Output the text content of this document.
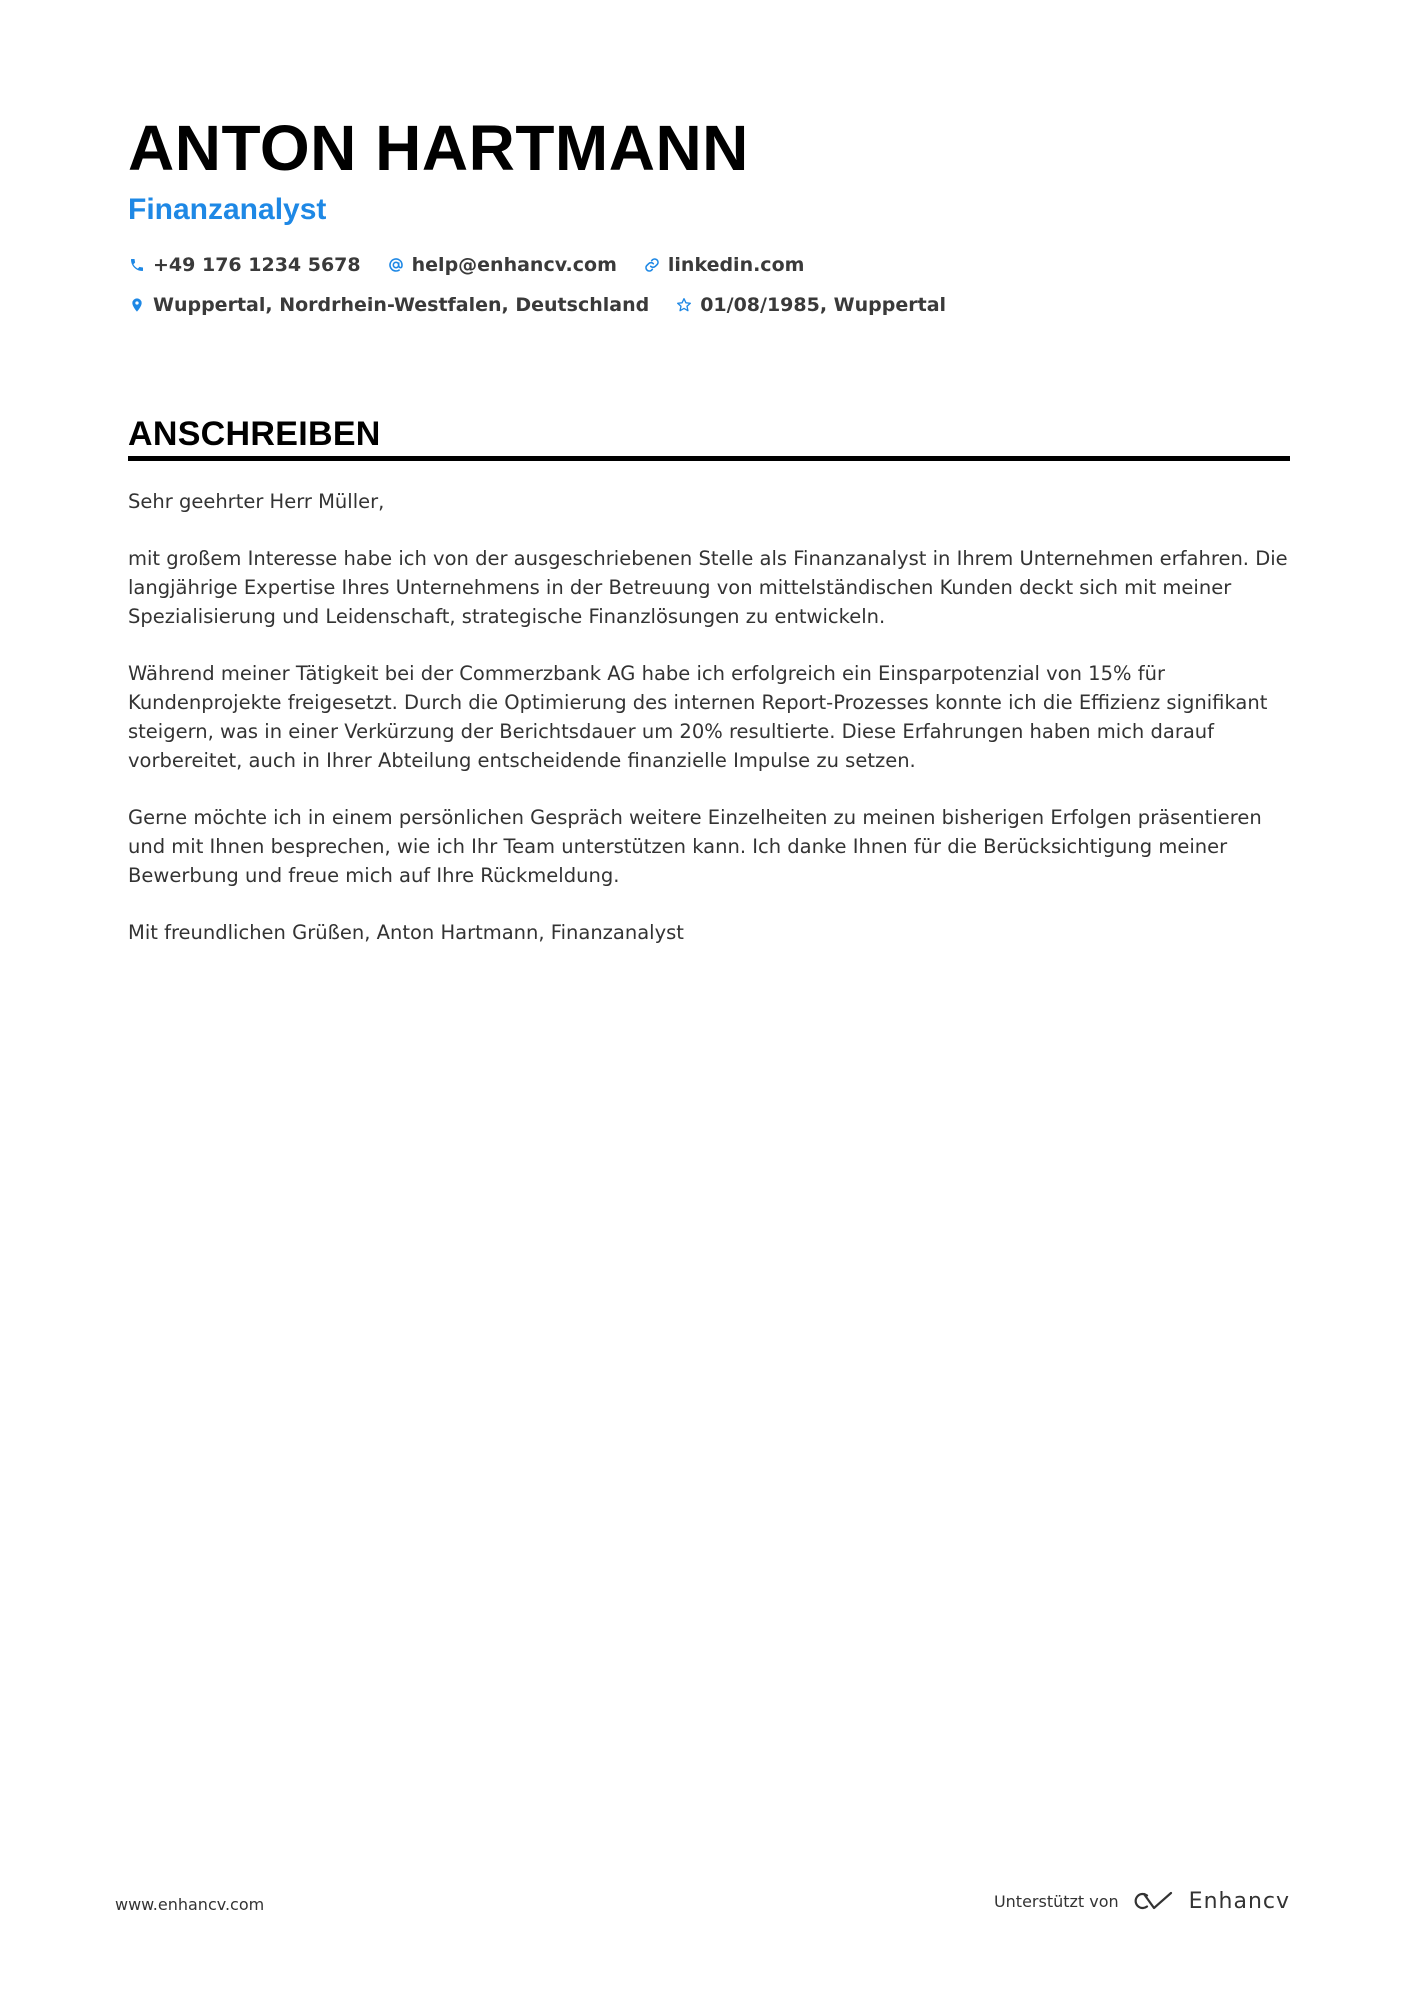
ANTON HARTMANN
Finanzanalyst
+49 176 1234 5678	help@enhancv.com	linkedin.com
Wuppertal, Nordrhein-Westfalen, Deutschland	01/08/1985, Wuppertal
ANSCHREIBEN

Sehr geehrter Herr Müller,

mit großem Interesse habe ich von der ausgeschriebenen Stelle als Finanzanalyst in Ihrem Unternehmen erfahren. Die langjährige Expertise Ihres Unternehmens in der Betreuung von mittelständischen Kunden deckt sich mit meiner Spezialisierung und Leidenschaft, strategische Finanzlösungen zu entwickeln.

Während meiner Tätigkeit bei der Commerzbank AG habe ich erfolgreich ein Einsparpotenzial von 15% für Kundenprojekte freigesetzt. Durch die Optimierung des internen Report-Prozesses konnte ich die Effizienz signifikant steigern, was in einer Verkürzung der Berichtsdauer um 20% resultierte. Diese Erfahrungen haben mich darauf vorbereitet, auch in Ihrer Abteilung entscheidende finanzielle Impulse zu setzen.

Gerne möchte ich in einem persönlichen Gespräch weitere Einzelheiten zu meinen bisherigen Erfolgen präsentieren und mit Ihnen besprechen, wie ich Ihr Team unterstützen kann. Ich danke Ihnen für die Berücksichtigung meiner Bewerbung und freue mich auf Ihre Rückmeldung.

Mit freundlichen Grüßen, Anton Hartmann, Finanzanalyst

www.enhancv.com	Unterstützt von	Enhancv
